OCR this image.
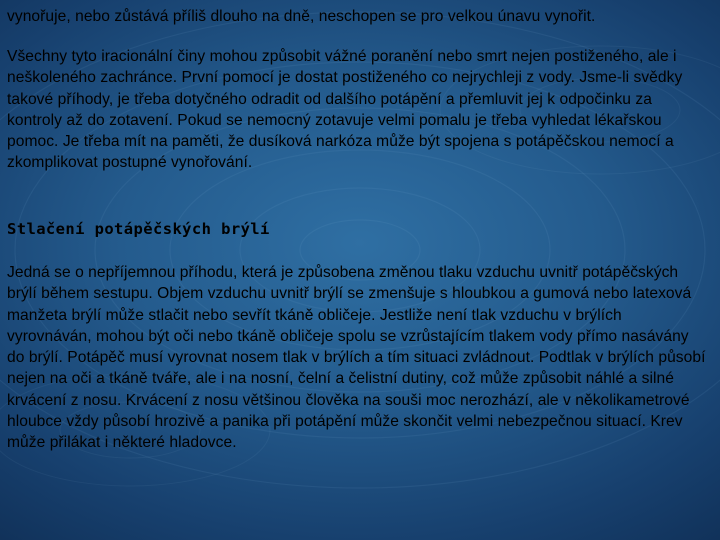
vynořuje, nebo zůstává příliš dlouho na dně, neschopen se pro velkou únavu vynořit.

Všechny tyto iracionální činy mohou způsobit vážné poranění nebo smrt nejen postiženého, ale i neškoleného zachránce. První pomocí je dostat postiženého co nejrychleji z vody. Jsme-li svědky takové příhody, je třeba dotyčného odradit od dalšího potápění a přemluvit jej k odpočinku za kontroly až do zotavení. Pokud se nemocný zotavuje velmi pomalu je třeba vyhledat lékařskou pomoc. Je třeba mít na paměti, že dusíková narkóza může být spojena s potápěčskou nemocí a zkomplikovat postupné vynořování.

Stlačení potápěčských brýlí

Jedná se o nepříjemnou příhodu, která je způsobena změnou tlaku vzduchu uvnitř potápěčských brýlí během sestupu. Objem vzduchu uvnitř brýlí se zmenšuje s hloubkou a gumová nebo latexová manžeta brýlí může stlačit nebo sevřít tkáně obličeje. Jestliže není tlak vzduchu v brýlích vyrovnáván, mohou být oči nebo tkáně obličeje spolu se vzrůstajícím tlakem vody přímo nasávány do brýlí. Potápěč musí vyrovnat nosem tlak v brýlích a tím situaci zvládnout. Podtlak v brýlích působí nejen na oči a tkáně tváře, ale i na nosní, čelní a čelistní dutiny, což může způsobit náhlé a silné krvácení z nosu. Krvácení z nosu většinou člověka na souši moc nerozhází, ale v několikametrové hloubce vždy působí hrozivě a panika při potápění může skončit velmi nebezpečnou situací. Krev může přilákat i některé hladovce.
